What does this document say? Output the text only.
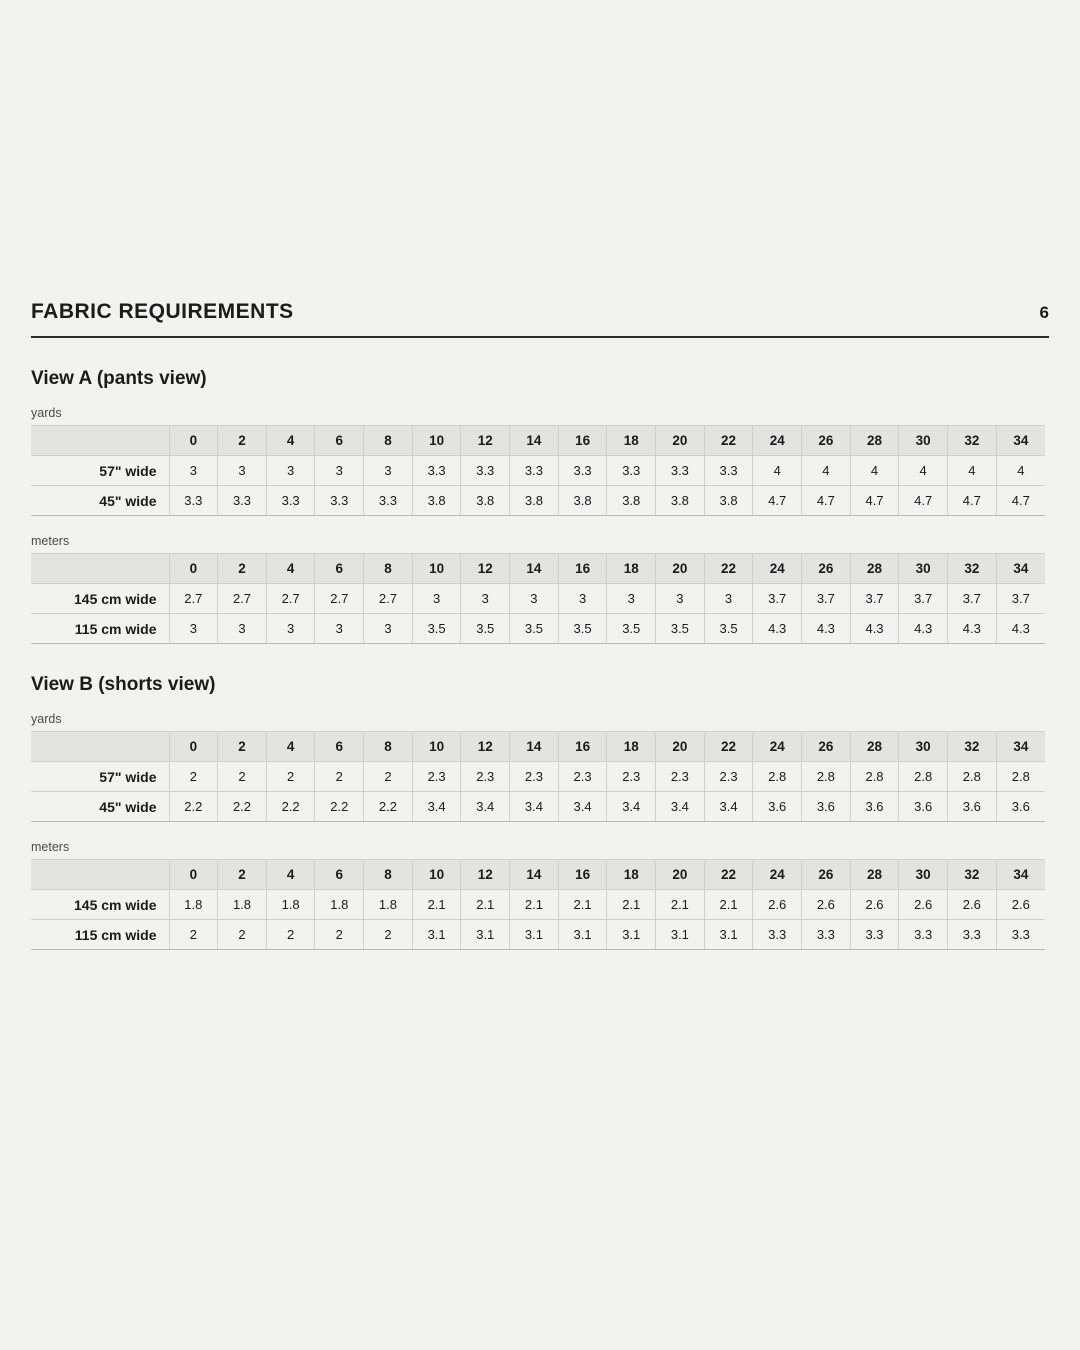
FABRIC REQUIREMENTS	6
View A (pants view)
yards
	0	2	4	6	8	10	12	14	16	18	20	22	24	26	28	30	32	34
57" wide	3	3	3	3	3	3.3	3.3	3.3	3.3	3.3	3.3	3.3	4	4	4	4	4	4
45" wide	3.3	3.3	3.3	3.3	3.3	3.8	3.8	3.8	3.8	3.8	3.8	3.8	4.7	4.7	4.7	4.7	4.7	4.7
meters
	0	2	4	6	8	10	12	14	16	18	20	22	24	26	28	30	32	34
145 cm wide	2.7	2.7	2.7	2.7	2.7	3	3	3	3	3	3	3	3.7	3.7	3.7	3.7	3.7	3.7
115 cm wide	3	3	3	3	3	3.5	3.5	3.5	3.5	3.5	3.5	3.5	4.3	4.3	4.3	4.3	4.3	4.3
View B (shorts view)
yards
	0	2	4	6	8	10	12	14	16	18	20	22	24	26	28	30	32	34
57" wide	2	2	2	2	2	2.3	2.3	2.3	2.3	2.3	2.3	2.3	2.8	2.8	2.8	2.8	2.8	2.8
45" wide	2.2	2.2	2.2	2.2	2.2	3.4	3.4	3.4	3.4	3.4	3.4	3.4	3.6	3.6	3.6	3.6	3.6	3.6
meters
	0	2	4	6	8	10	12	14	16	18	20	22	24	26	28	30	32	34
145 cm wide	1.8	1.8	1.8	1.8	1.8	2.1	2.1	2.1	2.1	2.1	2.1	2.1	2.6	2.6	2.6	2.6	2.6	2.6
115 cm wide	2	2	2	2	2	3.1	3.1	3.1	3.1	3.1	3.1	3.1	3.3	3.3	3.3	3.3	3.3	3.3
